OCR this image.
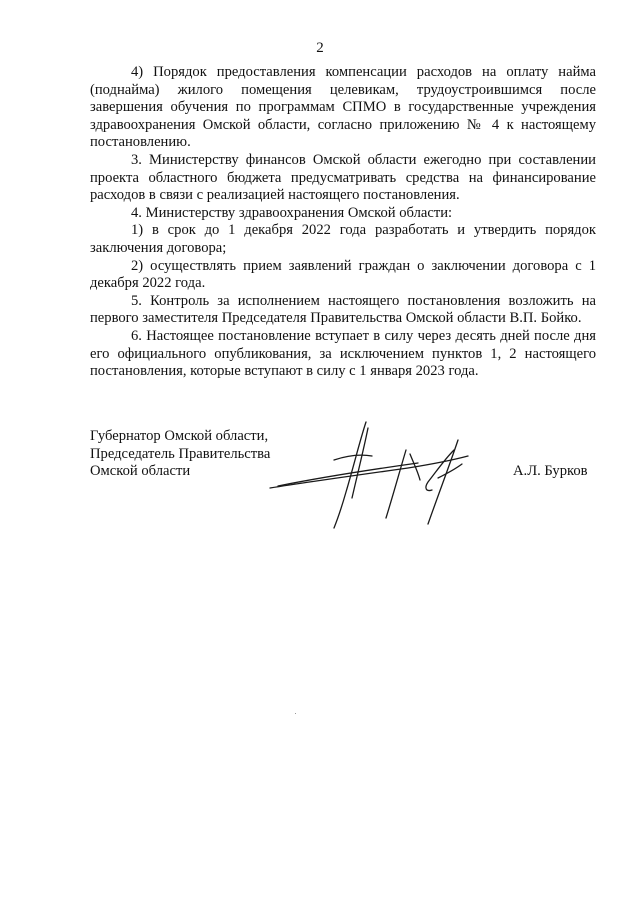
2

4) Порядок предоставления компенсации расходов на оплату найма (поднайма) жилого помещения целевикам, трудоустроившимся после завершения обучения по программам СПМО в государственные учреждения здравоохранения Омской области, согласно приложению № 4 к настоящему постановлению.

3. Министерству финансов Омской области ежегодно при составлении проекта областного бюджета предусматривать средства на финансирование расходов в связи с реализацией настоящего постановления.

4. Министерству здравоохранения Омской области:

1) в срок до 1 декабря 2022 года разработать и утвердить порядок заключения договора;

2) осуществлять прием заявлений граждан о заключении договора с 1 декабря 2022 года.

5. Контроль за исполнением настоящего постановления возложить на первого заместителя Председателя Правительства Омской области В.П. Бойко.

6. Настоящее постановление вступает в силу через десять дней после дня его официального опубликования, за исключением пунктов 1, 2 настоящего постановления, которые вступают в силу с 1 января 2023 года.

Губернатор Омской области,
Председатель Правительства
Омской области	А.Л. Бурков
